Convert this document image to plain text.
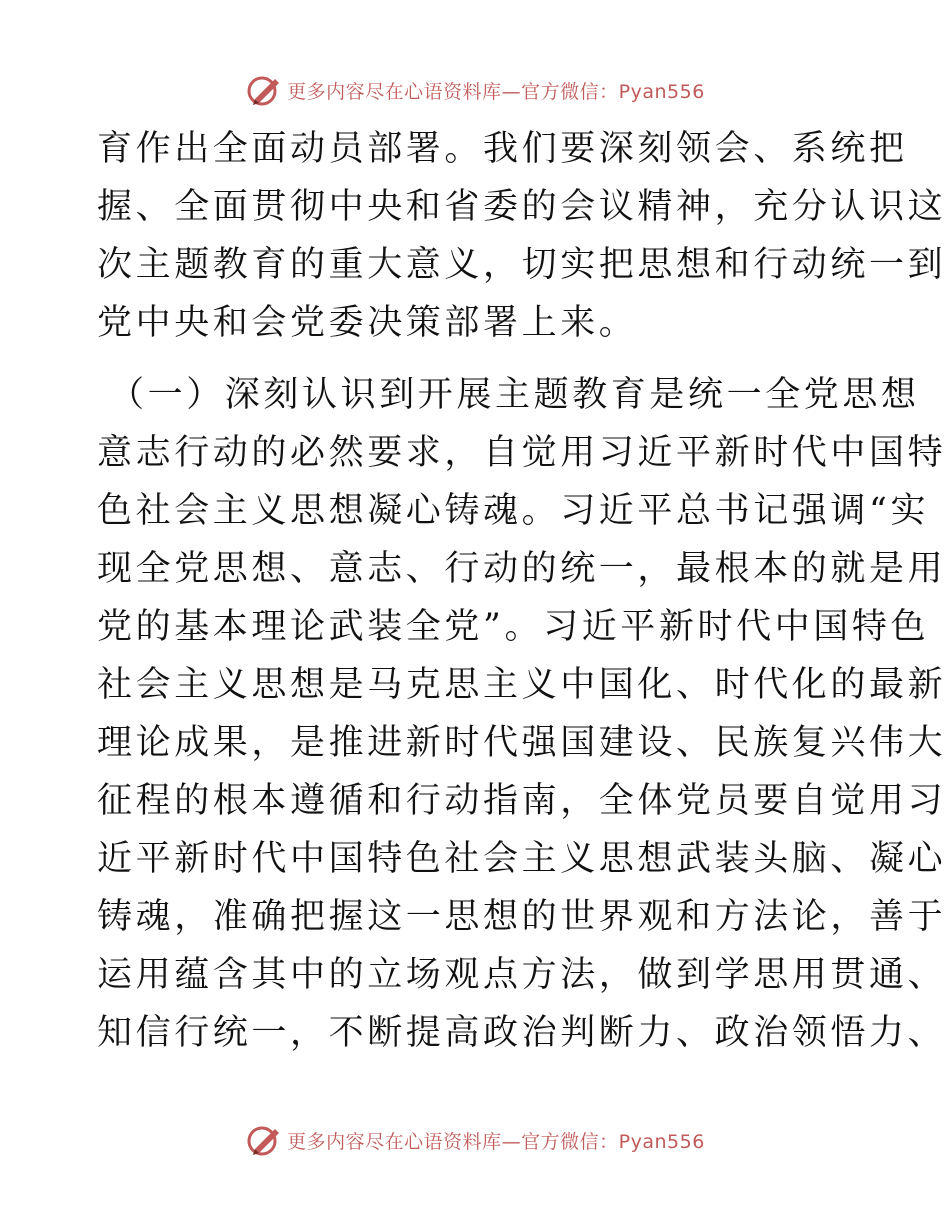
更多内容尽在心语资料库—官方微信：Pyan556
育作出全面动员部署。我们要深刻领会、系统把
握、全面贯彻中央和省委的会议精神，充分认识这
次主题教育的重大意义，切实把思想和行动统一到
党中央和会党委决策部署上来。
（一）深刻认识到开展主题教育是统一全党思想
意志行动的必然要求，自觉用习近平新时代中国特
色社会主义思想凝心铸魂。习近平总书记强调“实
现全党思想、意志、行动的统一，最根本的就是用
党的基本理论武装全党”。习近平新时代中国特色
社会主义思想是马克思主义中国化、时代化的最新
理论成果，是推进新时代强国建设、民族复兴伟大
征程的根本遵循和行动指南，全体党员要自觉用习
近平新时代中国特色社会主义思想武装头脑、凝心
铸魂，准确把握这一思想的世界观和方法论，善于
运用蕴含其中的立场观点方法，做到学思用贯通、
知信行统一，不断提高政治判断力、政治领悟力、
更多内容尽在心语资料库—官方微信：Pyan556
